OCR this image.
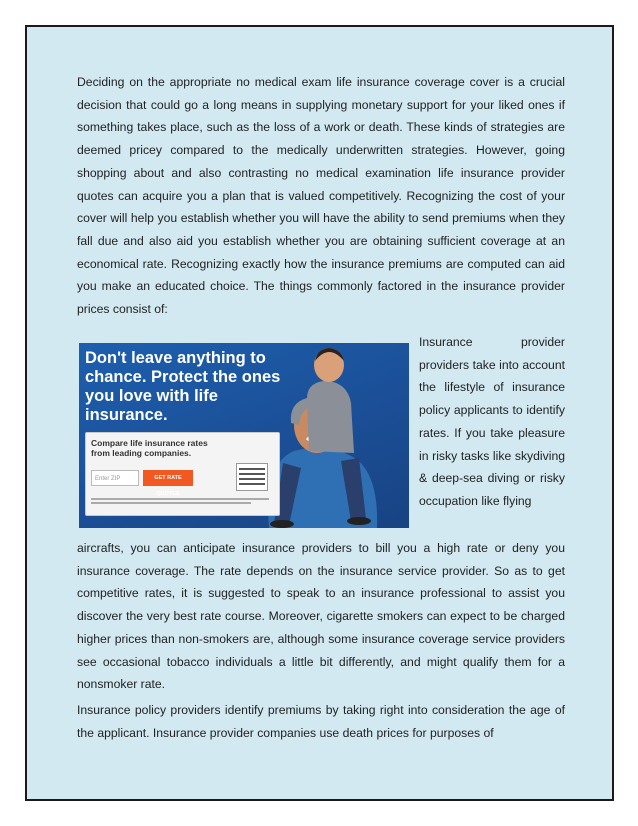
Deciding on the appropriate no medical exam life insurance coverage cover is a crucial decision that could go a long means in supplying monetary support for your liked ones if something takes place, such as the loss of a work or death. These kinds of strategies are deemed pricey compared to the medically underwritten strategies. However, going shopping about and also contrasting no medical examination life insurance provider quotes can acquire you a plan that is valued competitively. Recognizing the cost of your cover will help you establish whether you will have the ability to send premiums when they fall due and also aid you establish whether you are obtaining sufficient coverage at an economical rate. Recognizing exactly how the insurance premiums are computed can aid you make an educated choice. The things commonly factored in the insurance provider prices consist of:

Don't leave anything to chance. Protect the ones you love with life insurance.
Compare life insurance rates from leading companies.
Enter ZIP	GET RATE QUOTES

Insurance provider providers take into account the lifestyle of insurance policy applicants to identify rates. If you take pleasure in risky tasks like skydiving & deep-sea diving or risky occupation like flying

aircrafts, you can anticipate insurance providers to bill you a high rate or deny you insurance coverage. The rate depends on the insurance service provider. So as to get competitive rates, it is suggested to speak to an insurance professional to assist you discover the very best rate course. Moreover, cigarette smokers can expect to be charged higher prices than non-smokers are, although some insurance coverage service providers see occasional tobacco individuals a little bit differently, and might qualify them for a nonsmoker rate.

Insurance policy providers identify premiums by taking right into consideration the age of the applicant. Insurance provider companies use death prices for purposes of
